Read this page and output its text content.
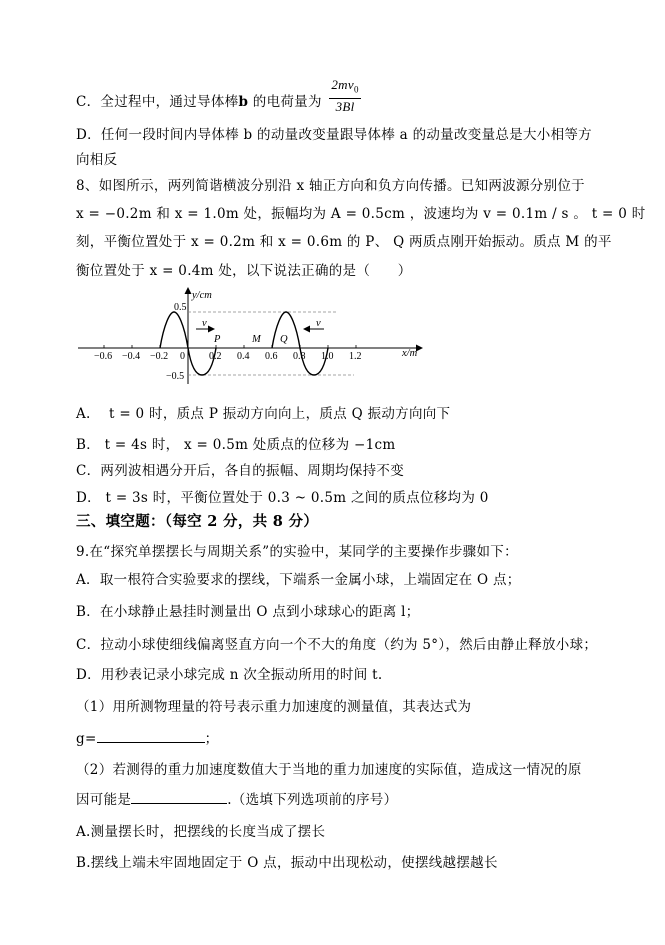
C．全过程中，通过导体棒b 的电荷量为 $\frac{2mv_0}{3Bl}$
D．任何一段时间内导体棒 b 的动量改变量跟导体棒 a 的动量改变量总是大小相等方
向相反
8、如图所示，两列简谐横波分别沿 x 轴正方向和负方向传播。已知两波源分别位于
x = −0.2m 和 x = 1.0m 处，振幅均为 A = 0.5cm ，波速均为 v = 0.1m / s 。 t = 0 时
刻，平衡位置处于 x = 0.2m 和 x = 0.6m 的 P、 Q 两质点刚开始振动。质点 M 的平
衡位置处于 x = 0.4m 处，以下说法正确的是（　　）
v	v
P	M Q
y/cm
x/m
0.5
−0.5
−0.6 −0.4 −0.2 0 0.2 0.4 0.6 0.8 1.0 1.2
A.　 t = 0 时，质点 P 振动方向向上，质点 Q 振动方向向下
B． t = 4s 时， x = 0.5m 处质点的位移为 −1cm
C．两列波相遇分开后，各自的振幅、周期均保持不变
D． t = 3s 时，平衡位置处于 0.3 ~ 0.5m 之间的质点位移均为 0
三、填空题：（每空 2 分，共 8 分）
9.在“探究单摆摆长与周期关系”的实验中，某同学的主要操作步骤如下：
A．取一根符合实验要求的摆线，下端系一金属小球，上端固定在 O 点；
B．在小球静止悬挂时测量出 O 点到小球球心的距离 l；
C．拉动小球使细线偏离竖直方向一个不大的角度（约为 5°），然后由静止释放小球；
D．用秒表记录小球完成 n 次全振动所用的时间 t.
（1）用所测物理量的符号表示重力加速度的测量值，其表达式为
g=	；
（2）若测得的重力加速度数值大于当地的重力加速度的实际值，造成这一情况的原
因可能是	.（选填下列选项前的序号）
A.测量摆长时，把摆线的长度当成了摆长
B.摆线上端未牢固地固定于 O 点，振动中出现松动，使摆线越摆越长
